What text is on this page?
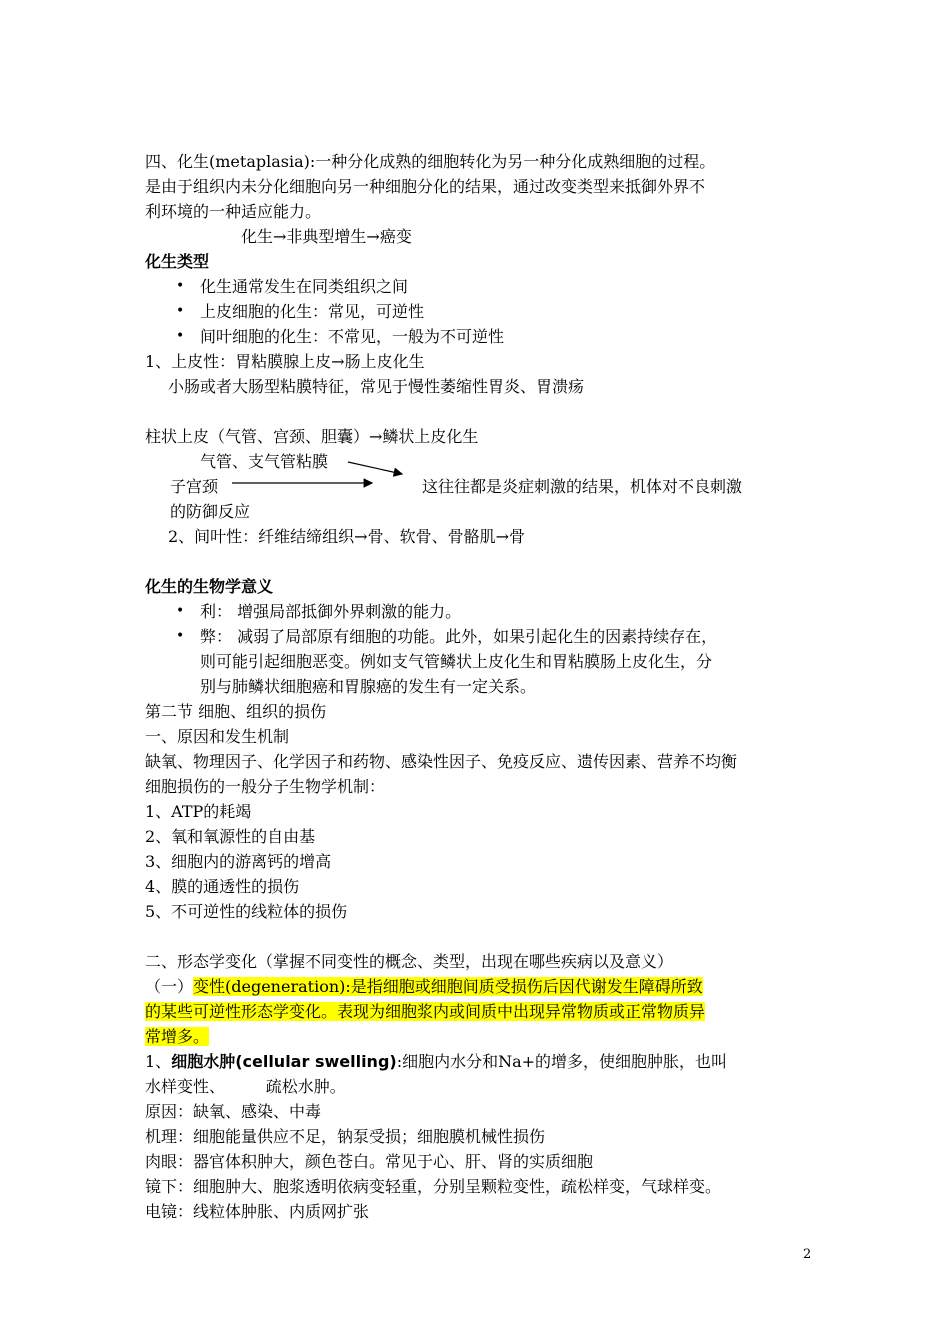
四、化生(metaplasia):一种分化成熟的细胞转化为另一种分化成熟细胞的过程。
是由于组织内未分化细胞向另一种细胞分化的结果，通过改变类型来抵御外界不
利环境的一种适应能力。
化生→非典型增生→癌变
化生类型
• 化生通常发生在同类组织之间
• 上皮细胞的化生：常见，可逆性
• 间叶细胞的化生：不常见，一般为不可逆性
1、上皮性：胃粘膜腺上皮→肠上皮化生
小肠或者大肠型粘膜特征，常见于慢性萎缩性胃炎、胃溃疡
柱状上皮（气管、宫颈、胆囊）→鳞状上皮化生
气管、支气管粘膜
子宫颈	这往往都是炎症刺激的结果，机体对不良刺激
的防御反应
2、间叶性：纤维结缔组织→骨、软骨、骨骼肌→骨
化生的生物学意义
• 利： 增强局部抵御外界刺激的能力。
• 弊： 减弱了局部原有细胞的功能。此外，如果引起化生的因素持续存在，
则可能引起细胞恶变。例如支气管鳞状上皮化生和胃粘膜肠上皮化生，分
别与肺鳞状细胞癌和胃腺癌的发生有一定关系。
第二节 细胞、组织的损伤
一、原因和发生机制
缺氧、物理因子、化学因子和药物、感染性因子、免疫反应、遗传因素、营养不均衡
细胞损伤的一般分子生物学机制：
1、ATP的耗竭
2、氧和氧源性的自由基
3、细胞内的游离钙的增高
4、膜的通透性的损伤
5、不可逆性的线粒体的损伤
二、形态学变化（掌握不同变性的概念、类型，出现在哪些疾病以及意义）
（一）变性(degeneration):是指细胞或细胞间质受损伤后因代谢发生障碍所致
的某些可逆性形态学变化。表现为细胞浆内或间质中出现异常物质或正常物质异
常增多。
1、细胞水肿(cellular swelling):细胞内水分和Na+的增多，使细胞肿胀，也叫
水样变性、        疏松水肿。
原因：缺氧、感染、中毒
机理：细胞能量供应不足，钠泵受损；细胞膜机械性损伤
肉眼：器官体积肿大，颜色苍白。常见于心、肝、肾的实质细胞
镜下：细胞肿大、胞浆透明依病变轻重，分别呈颗粒变性，疏松样变，气球样变。
电镜：线粒体肿胀、内质网扩张
2
